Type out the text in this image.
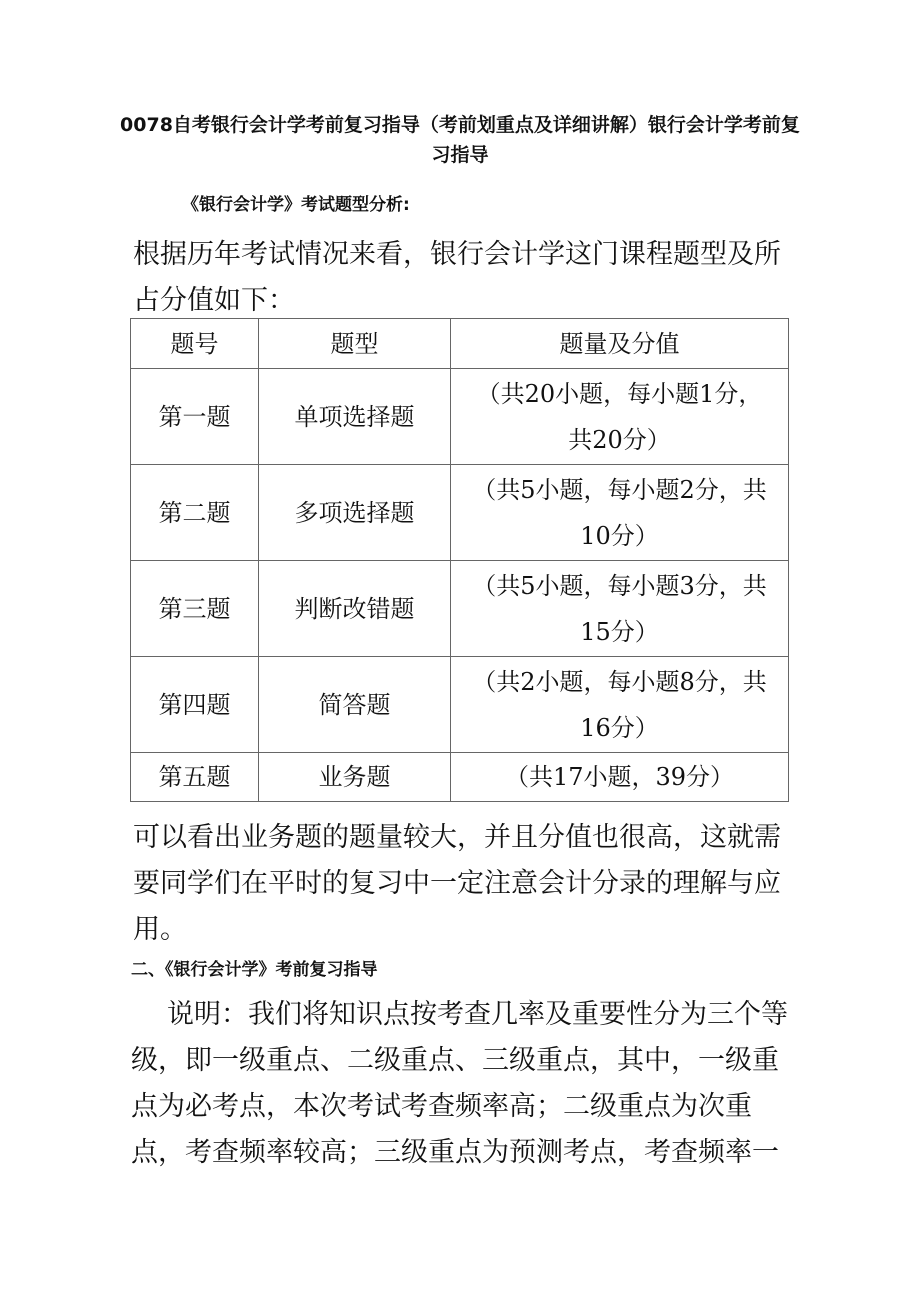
0078自考银行会计学考前复习指导（考前划重点及详细讲解）银行会计学考前复习指导
《银行会计学》考试题型分析:
根据历年考试情况来看，银行会计学这门课程题型及所占分值如下：
题号	题型	题量及分值
第一题	单项选择题	（共20小题，每小题1分，共20分）
第二题	多项选择题	（共5小题，每小题2分，共10分）
第三题	判断改错题	（共5小题，每小题3分，共15分）
第四题	简答题	（共2小题，每小题8分，共16分）
第五题	业务题	（共17小题，39分）
可以看出业务题的题量较大，并且分值也很高，这就需要同学们在平时的复习中一定注意会计分录的理解与应用。
二、《银行会计学》考前复习指导
说明：我们将知识点按考查几率及重要性分为三个等级，即一级重点、二级重点、三级重点，其中，一级重点为必考点，本次考试考查频率高；二级重点为次重点，考查频率较高；三级重点为预测考点，考查频率一
